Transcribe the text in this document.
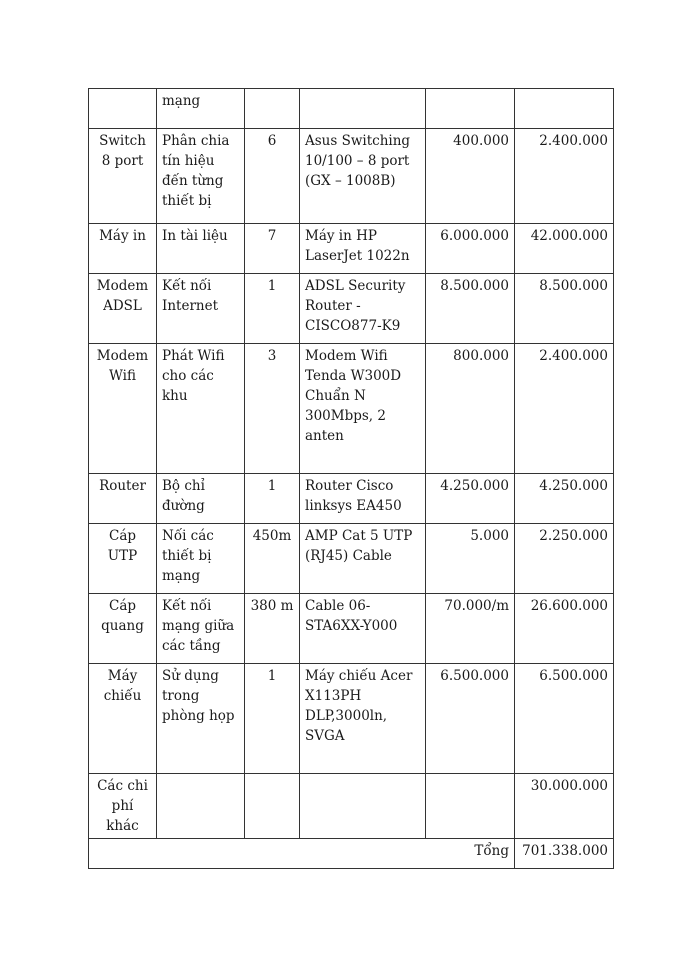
	mạng				
Switch 8 port	Phân chia tín hiệu đến từng thiết bị	6	Asus Switching 10/100 – 8 port (GX – 1008B)	400.000	2.400.000
Máy in	In tài liệu	7	Máy in HP LaserJet 1022n	6.000.000	42.000.000
Modem ADSL	Kết nối Internet	1	ADSL Security Router - CISCO877-K9	8.500.000	8.500.000
Modem Wifi	Phát Wifi cho các khu	3	Modem Wifi Tenda W300D Chuẩn N 300Mbps, 2 anten	800.000	2.400.000
Router	Bộ chỉ đường	1	Router Cisco linksys EA450	4.250.000	4.250.000
Cáp UTP	Nối các thiết bị mạng	450m	AMP Cat 5 UTP (RJ45) Cable	5.000	2.250.000
Cáp quang	Kết nối mạng giữa các tầng	380 m	Cable 06-STA6XX-Y000	70.000/m	26.600.000
Máy chiếu	Sử dụng trong phòng họp	1	Máy chiếu Acer X113PH DLP,3000ln, SVGA	6.500.000	6.500.000
Các chi phí khác					30.000.000
Tổng					701.338.000
